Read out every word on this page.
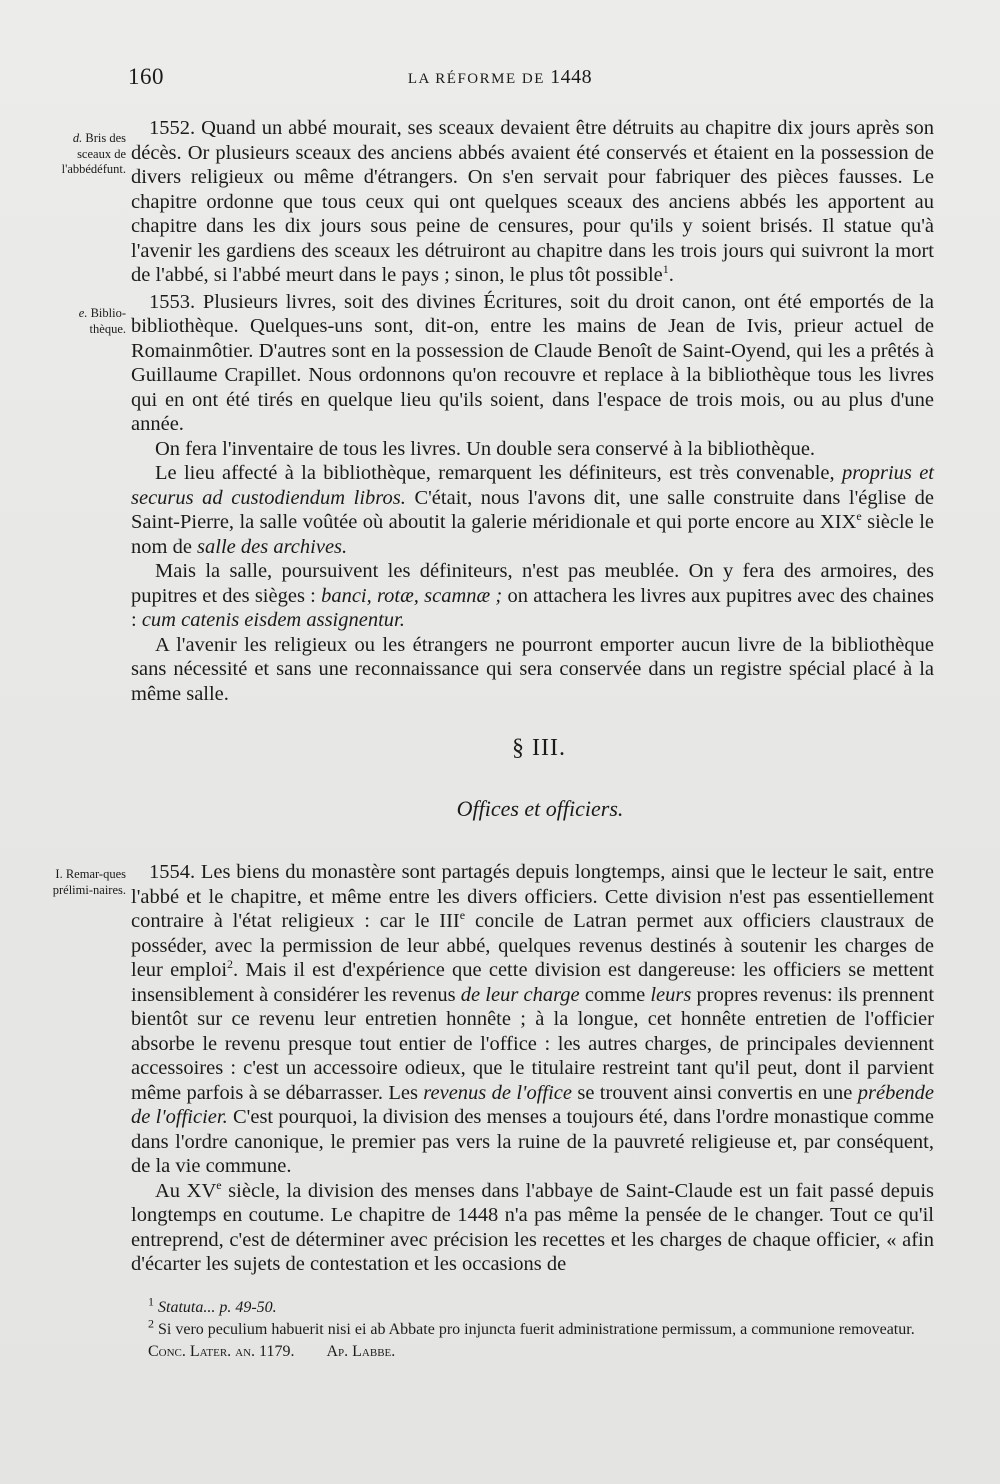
160	LA RÉFORME DE 1448
d. Bris des sceaux de l'abbédéfunt.
e. Biblio-thèque.
I. Remar-ques prélimi-naires.

1552. Quand un abbé mourait, ses sceaux devaient être détruits au chapitre dix jours après son décès. Or plusieurs sceaux des anciens abbés avaient été conservés et étaient en la possession de divers religieux ou même d'étrangers. On s'en servait pour fabriquer des pièces fausses. Le chapitre ordonne que tous ceux qui ont quelques sceaux des anciens abbés les apportent au chapitre dans les dix jours sous peine de censures, pour qu'ils y soient brisés. Il statue qu'à l'avenir les gardiens des sceaux les détruiront au chapitre dans les trois jours qui suivront la mort de l'abbé, si l'abbé meurt dans le pays ; sinon, le plus tôt possible$^1$.

1553. Plusieurs livres, soit des divines Écritures, soit du droit canon, ont été emportés de la bibliothèque. Quelques-uns sont, dit-on, entre les mains de Jean de Ivis, prieur actuel de Romainmôtier. D'autres sont en la possession de Claude Benoît de Saint-Oyend, qui les a prêtés à Guillaume Crapillet. Nous ordonnons qu'on recouvre et replace à la bibliothèque tous les livres qui en ont été tirés en quelque lieu qu'ils soient, dans l'espace de trois mois, ou au plus d'une année.

On fera l'inventaire de tous les livres. Un double sera conservé à la bibliothèque.

Le lieu affecté à la bibliothèque, remarquent les définiteurs, est très convenable, proprius et securus ad custodiendum libros. C'était, nous l'avons dit, une salle construite dans l'église de Saint-Pierre, la salle voûtée où aboutit la galerie méridionale et qui porte encore au XIXe siècle le nom de salle des archives.

Mais la salle, poursuivent les définiteurs, n'est pas meublée. On y fera des armoires, des pupitres et des sièges : banci, rotæ, scamnæ ; on attachera les livres aux pupitres avec des chaines : cum catenis eisdem assignentur.

A l'avenir les religieux ou les étrangers ne pourront emporter aucun livre de la bibliothèque sans nécessité et sans une reconnaissance qui sera conservée dans un registre spécial placé à la même salle.

§ III.
Offices et officiers.

1554. Les biens du monastère sont partagés depuis longtemps, ainsi que le lecteur le sait, entre l'abbé et le chapitre, et même entre les divers officiers. Cette division n'est pas essentiellement contraire à l'état religieux : car le IIIe concile de Latran permet aux officiers claustraux de posséder, avec la permission de leur abbé, quelques revenus destinés à soutenir les charges de leur emploi$^2$. Mais il est d'expérience que cette division est dangereuse: les officiers se mettent insensiblement à considérer les revenus de leur charge comme leurs propres revenus: ils prennent bientôt sur ce revenu leur entretien honnête ; à la longue, cet honnête entretien de l'officier absorbe le revenu presque tout entier de l'office : les autres charges, de principales deviennent accessoires : c'est un accessoire odieux, que le titulaire restreint tant qu'il peut, dont il parvient même parfois à se débarrasser. Les revenus de l'office se trouvent ainsi convertis en une prébende de l'officier. C'est pourquoi, la division des menses a toujours été, dans l'ordre monastique comme dans l'ordre canonique, le premier pas vers la ruine de la pauvreté religieuse et, par conséquent, de la vie commune.

Au XVe siècle, la division des menses dans l'abbaye de Saint-Claude est un fait passé depuis longtemps en coutume. Le chapitre de 1448 n'a pas même la pensée de le changer. Tout ce qu'il entreprend, c'est de déterminer avec précision les recettes et les charges de chaque officier, « afin d'écarter les sujets de contestation et les occasions de

$^1$ Statuta... p. 49-50.

$^2$ Si vero peculium habuerit nisi ei ab Abbate pro injuncta fuerit administratione permissum, a communione removeatur. Conc. Later. an. 1179. Ap. Labbe.
